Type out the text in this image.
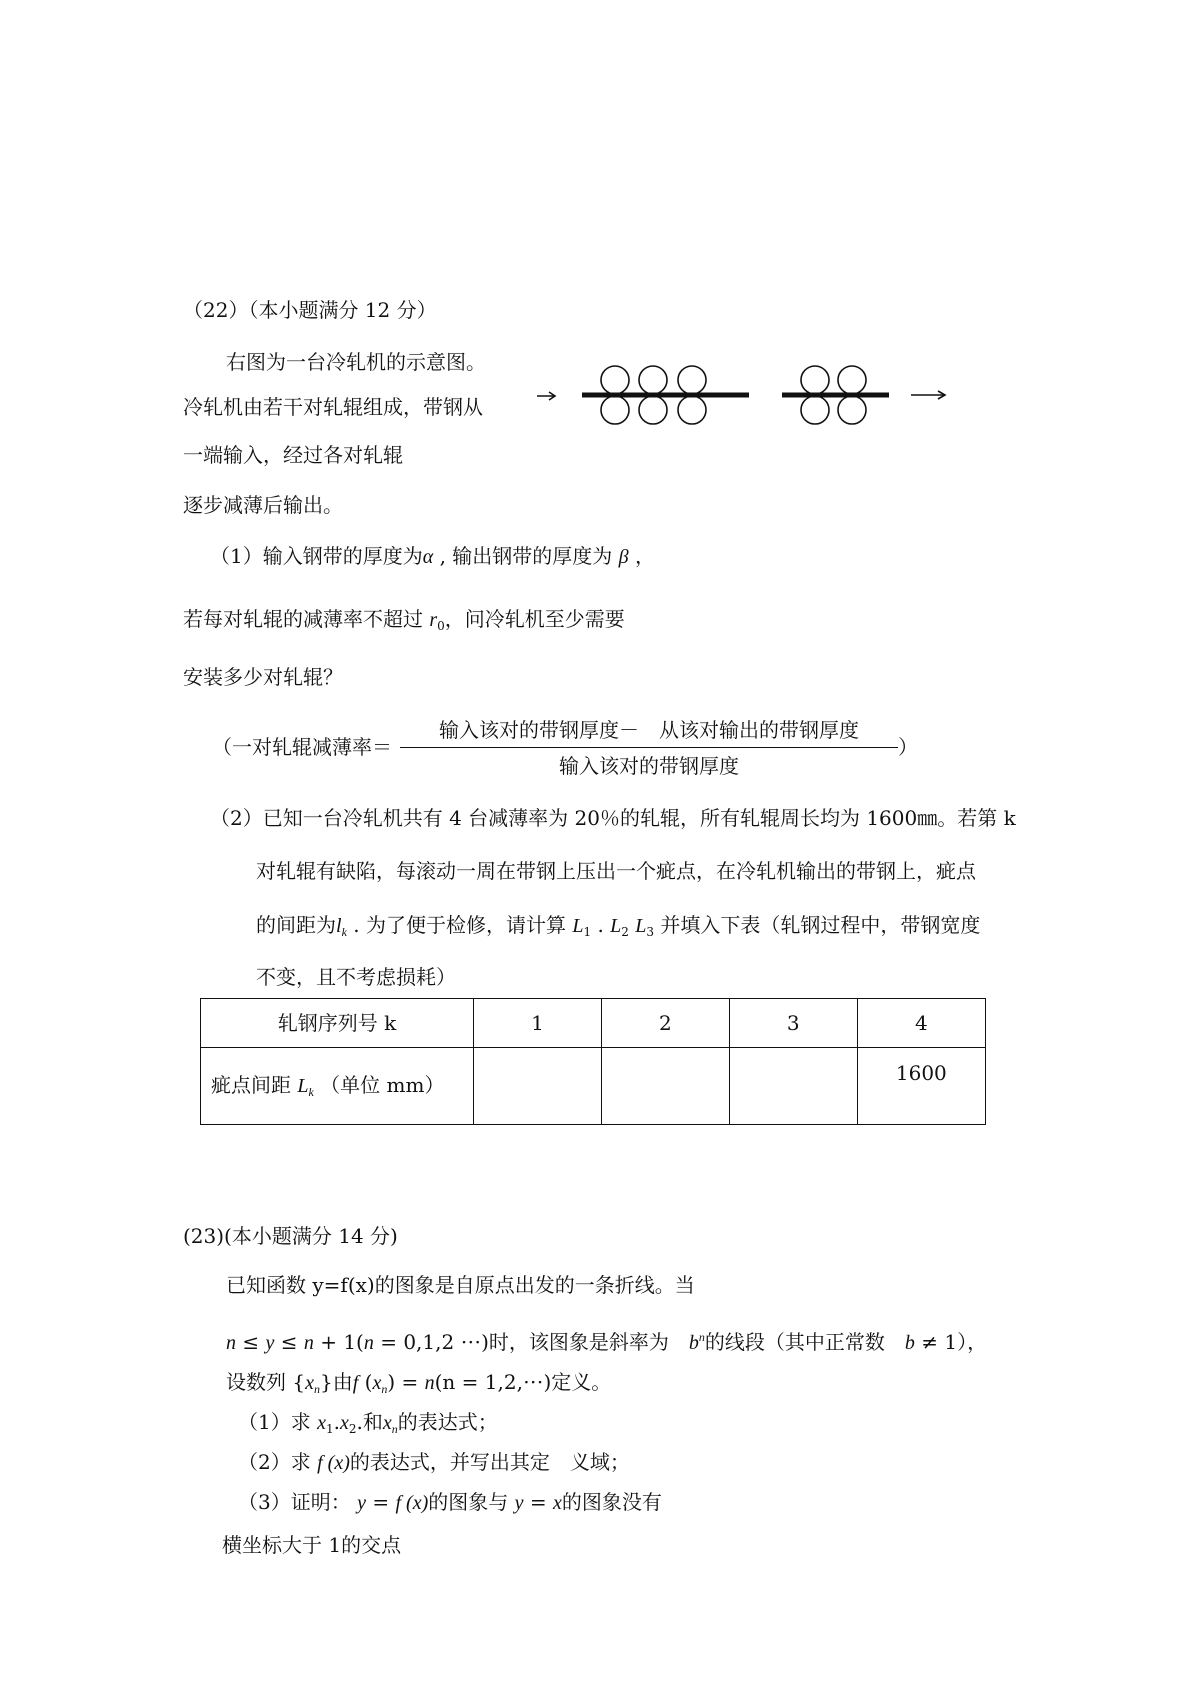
（22）（本小题满分 12 分）
右图为一台冷轧机的示意图。
冷轧机由若干对轧辊组成，带钢从
一端输入，经过各对轧辊
逐步减薄后输出。
（1）输入钢带的厚度为α , 输出钢带的厚度为 β ，
若每对轧辊的减薄率不超过 $r_0$，问冷轧机至少需要
安装多少对轧辊？
（一对轧辊减薄率＝
输入该对的带钢厚度－　从该对输出的带钢厚度
输入该对的带钢厚度
）
（2）已知一台冷轧机共有 4 台减薄率为 20％的轧辊，所有轧辊周长均为 1600㎜。若第 k
对轧辊有缺陷，每滚动一周在带钢上压出一个疵点，在冷轧机输出的带钢上，疵点
的间距为$l_k$ . 为了便于检修，请计算 $L_1$ . $L_2$ $L_3$ 并填入下表（轧钢过程中，带钢宽度
不变，且不考虑损耗）
轧钢序列号 k	1	2	3	4
疵点间距 $L_k$ （单位 mm）				1600
(23)(本小题满分 14 分)
已知函数 y=f(x)的图象是自原点出发的一条折线。当
n ≤ y ≤ n + 1(n = 0,1,2 ⋅⋅⋅)时，该图象是斜率为　$b^n$的线段（其中正常数　b ≠ 1），
设数列 $\{x_n\}$由f $(x_n) = n(n = 1,2,\cdot\cdot\cdot)$定义。
（1）求 $x_1.x_2$.和$x_n$的表达式；
（2）求 f (x)的表达式，并写出其定　义域；
（3）证明： y = f (x)的图象与 y = x的图象没有
横坐标大于 1的交点
